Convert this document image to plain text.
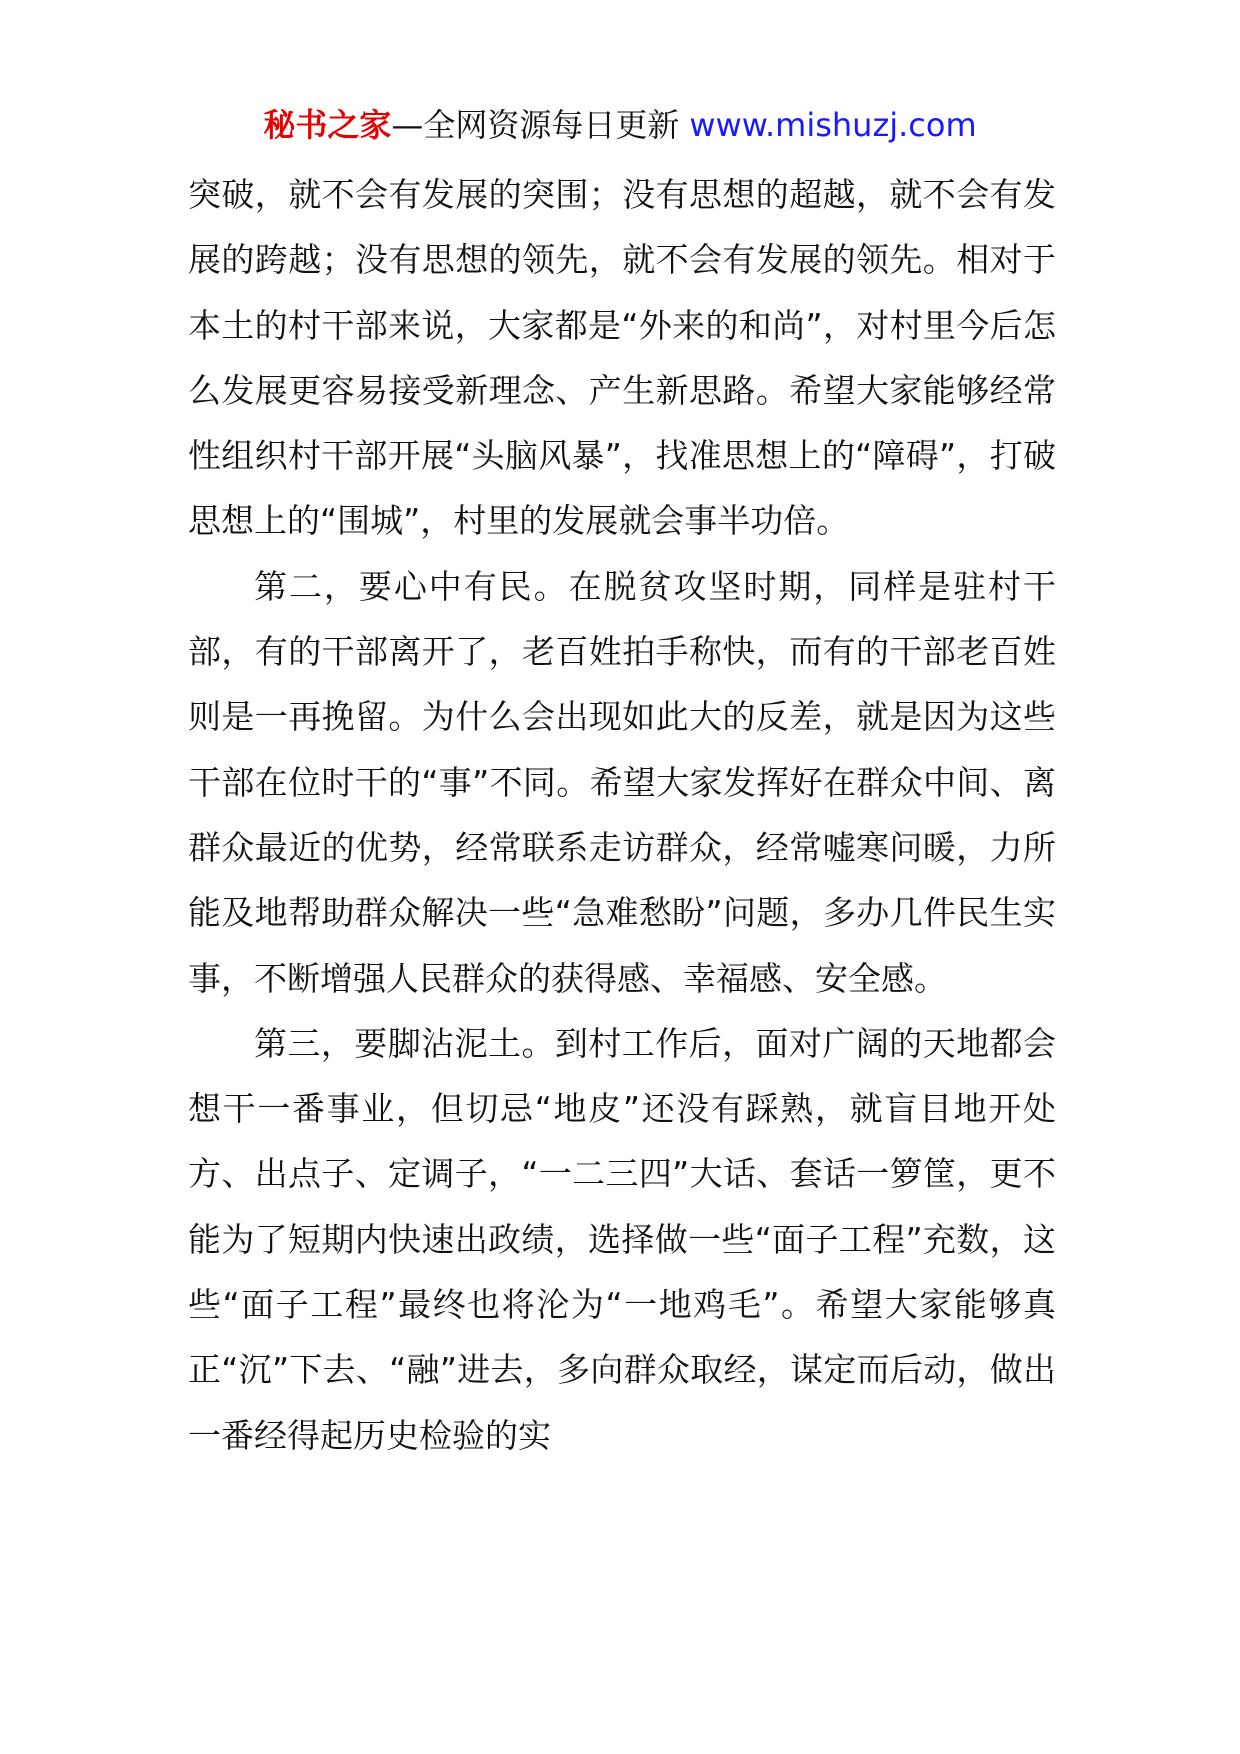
秘书之家—全网资源每日更新 www.mishuzj.com

突破，就不会有发展的突围；没有思想的超越，就不会有发展的跨越；没有思想的领先，就不会有发展的领先。相对于本土的村干部来说，大家都是“外来的和尚”，对村里今后怎么发展更容易接受新理念、产生新思路。希望大家能够经常性组织村干部开展“头脑风暴”，找准思想上的“障碍”，打破思想上的“围城”，村里的发展就会事半功倍。

第二，要心中有民。在脱贫攻坚时期，同样是驻村干部，有的干部离开了，老百姓拍手称快，而有的干部老百姓则是一再挽留。为什么会出现如此大的反差，就是因为这些干部在位时干的“事”不同。希望大家发挥好在群众中间、离群众最近的优势，经常联系走访群众，经常嘘寒问暖，力所能及地帮助群众解决一些“急难愁盼”问题，多办几件民生实事，不断增强人民群众的获得感、幸福感、安全感。

第三，要脚沾泥土。到村工作后，面对广阔的天地都会想干一番事业，但切忌“地皮”还没有踩熟，就盲目地开处方、出点子、定调子，“一二三四”大话、套话一箩筐，更不能为了短期内快速出政绩，选择做一些“面子工程”充数，这些“面子工程”最终也将沦为“一地鸡毛”。希望大家能够真正“沉”下去、“融”进去，多向群众取经，谋定而后动，做出一番经得起历史检验的实
